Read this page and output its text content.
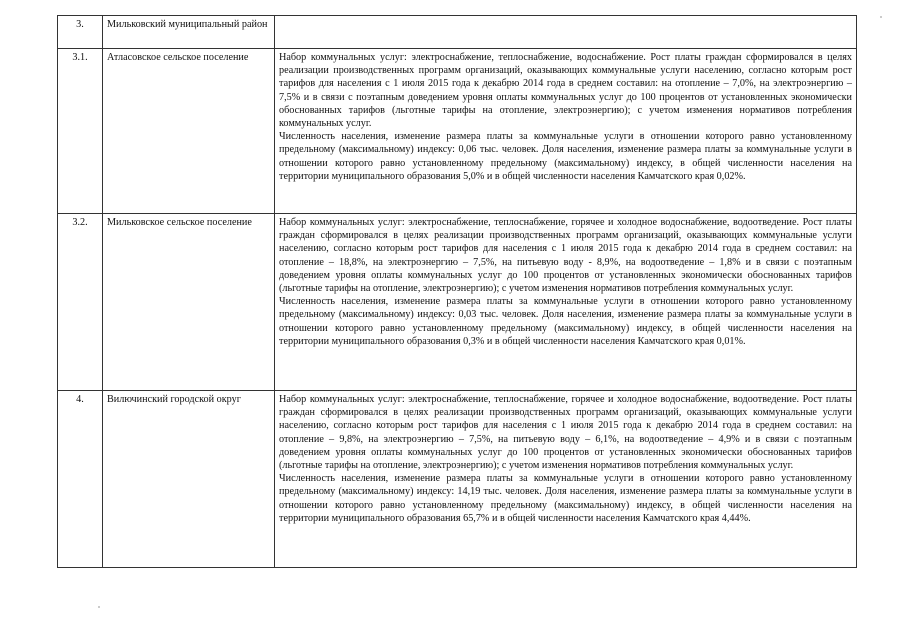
3.	Мильковский муниципальный район	
3.1.	Атласовское сельское поселение	Набор коммунальных услуг: электроснабжение, теплоснабжение, водоснабжение. Рост платы граждан сформировался в целях реализации производственных программ организаций, оказывающих коммунальные услуги населению, согласно которым рост тарифов для населения с 1 июля 2015 года к декабрю 2014 года в среднем составил: на отопление – 7,0%, на электроэнергию – 7,5% и в связи с поэтапным доведением уровня оплаты коммунальных услуг до 100 процентов от установленных экономически обоснованных тарифов (льготные тарифы на отопление, электроэнергию); с учетом изменения нормативов потребления коммунальных услуг.

Численность населения, изменение размера платы за коммунальные услуги в отношении которого равно установленному предельному (максимальному) индексу: 0,06 тыс. человек. Доля населения, изменение размера платы за коммунальные услуги в отношении которого равно установленному предельному (максимальному) индексу, в общей численности населения на территории муниципального образования 5,0% и в общей численности населения Камчатского края 0,02%.

3.2.	Мильковское сельское поселение	Набор коммунальных услуг: электроснабжение, теплоснабжение, горячее и холодное водоснабжение, водоотведение. Рост платы граждан сформировался в целях реализации производственных программ организаций, оказывающих коммунальные услуги населению, согласно которым рост тарифов для населения с 1 июля 2015 года к декабрю 2014 года в среднем составил: на отопление – 18,8%, на электроэнергию – 7,5%, на питьевую воду - 8,9%, на водоотведение – 1,8% и в связи с поэтапным доведением уровня оплаты коммунальных услуг до 100 процентов от установленных экономически обоснованных тарифов (льготные тарифы на отопление, электроэнергию); с учетом изменения нормативов потребления коммунальных услуг.

Численность населения, изменение размера платы за коммунальные услуги в отношении которого равно установленному предельному (максимальному) индексу: 0,03 тыс. человек. Доля населения, изменение размера платы за коммунальные услуги в отношении которого равно установленному предельному (максимальному) индексу, в общей численности населения на территории муниципального образования 0,3% и в общей численности населения Камчатского края 0,01%.

4.	Вилючинский городской округ	Набор коммунальных услуг: электроснабжение, теплоснабжение, горячее и холодное водоснабжение, водоотведение. Рост платы граждан сформировался в целях реализации производственных программ организаций, оказывающих коммунальные услуги населению, согласно которым рост тарифов для населения с 1 июля 2015 года к декабрю 2014 года в среднем составил: на отопление – 9,8%, на электроэнергию – 7,5%, на питьевую воду – 6,1%, на водоотведение – 4,9% и в связи с поэтапным доведением уровня оплаты коммунальных услуг до 100 процентов от установленных экономически обоснованных тарифов (льготные тарифы на отопление, электроэнергию); с учетом изменения нормативов потребления коммунальных услуг.

Численность населения, изменение размера платы за коммунальные услуги в отношении которого равно установленному предельному (максимальному) индексу: 14,19 тыс. человек. Доля населения, изменение размера платы за коммунальные услуги в отношении которого равно установленному предельному (максимальному) индексу, в общей численности населения на территории муниципального образования 65,7% и в общей численности населения Камчатского края 4,44%.
